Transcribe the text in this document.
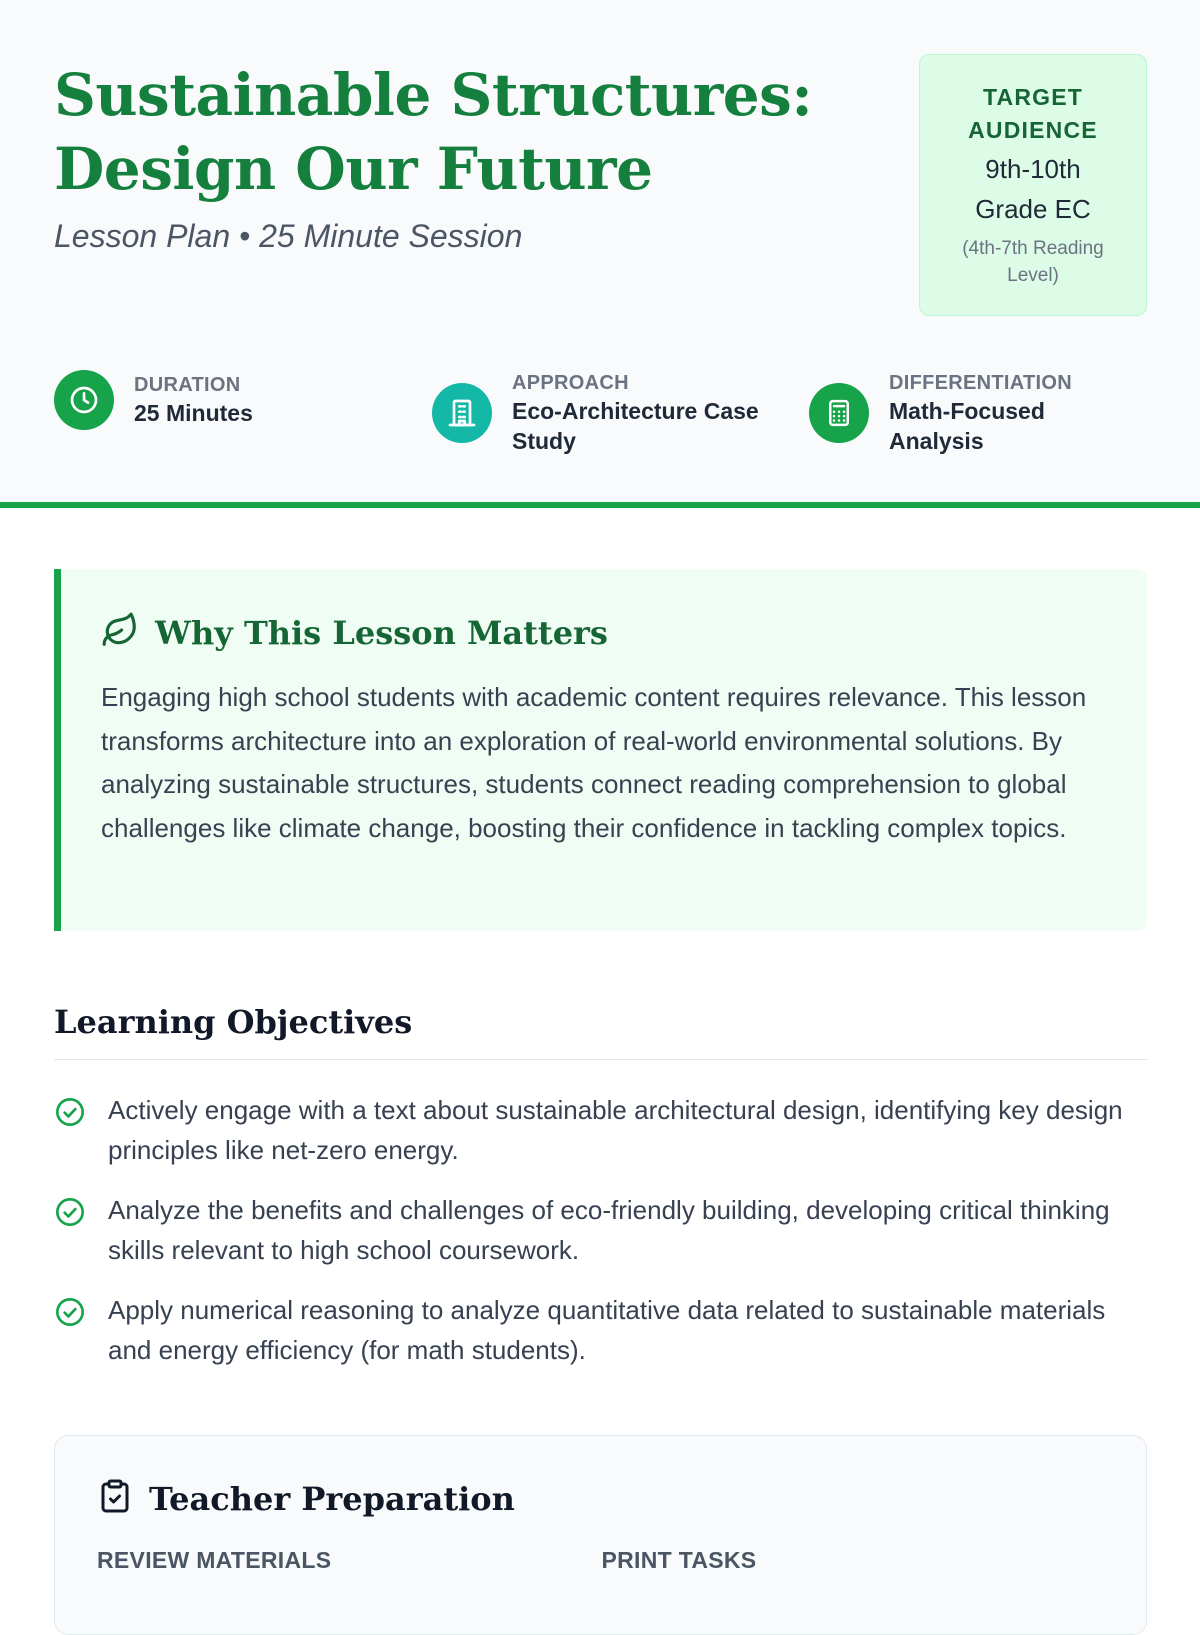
Sustainable Structures:
Design Our Future
Lesson Plan • 25 Minute Session
TARGET
AUDIENCE
9th-10th
Grade EC
(4th-7th Reading
Level)
DURATION
25 Minutes
APPROACH
Eco-Architecture Case
Study
DIFFERENTIATION
Math-Focused
Analysis
Why This Lesson Matters

Engaging high school students with academic content requires relevance. This lesson transforms architecture into an exploration of real-world environmental solutions. By analyzing sustainable structures, students connect reading comprehension to global challenges like climate change, boosting their confidence in tackling complex topics.

Learning Objectives
Actively engage with a text about sustainable architectural design, identifying key design principles like net-zero energy.
Analyze the benefits and challenges of eco-friendly building, developing critical thinking skills relevant to high school coursework.
Apply numerical reasoning to analyze quantitative data related to sustainable materials and energy efficiency (for math students).
Teacher Preparation
REVIEW MATERIALS	PRINT TASKS
